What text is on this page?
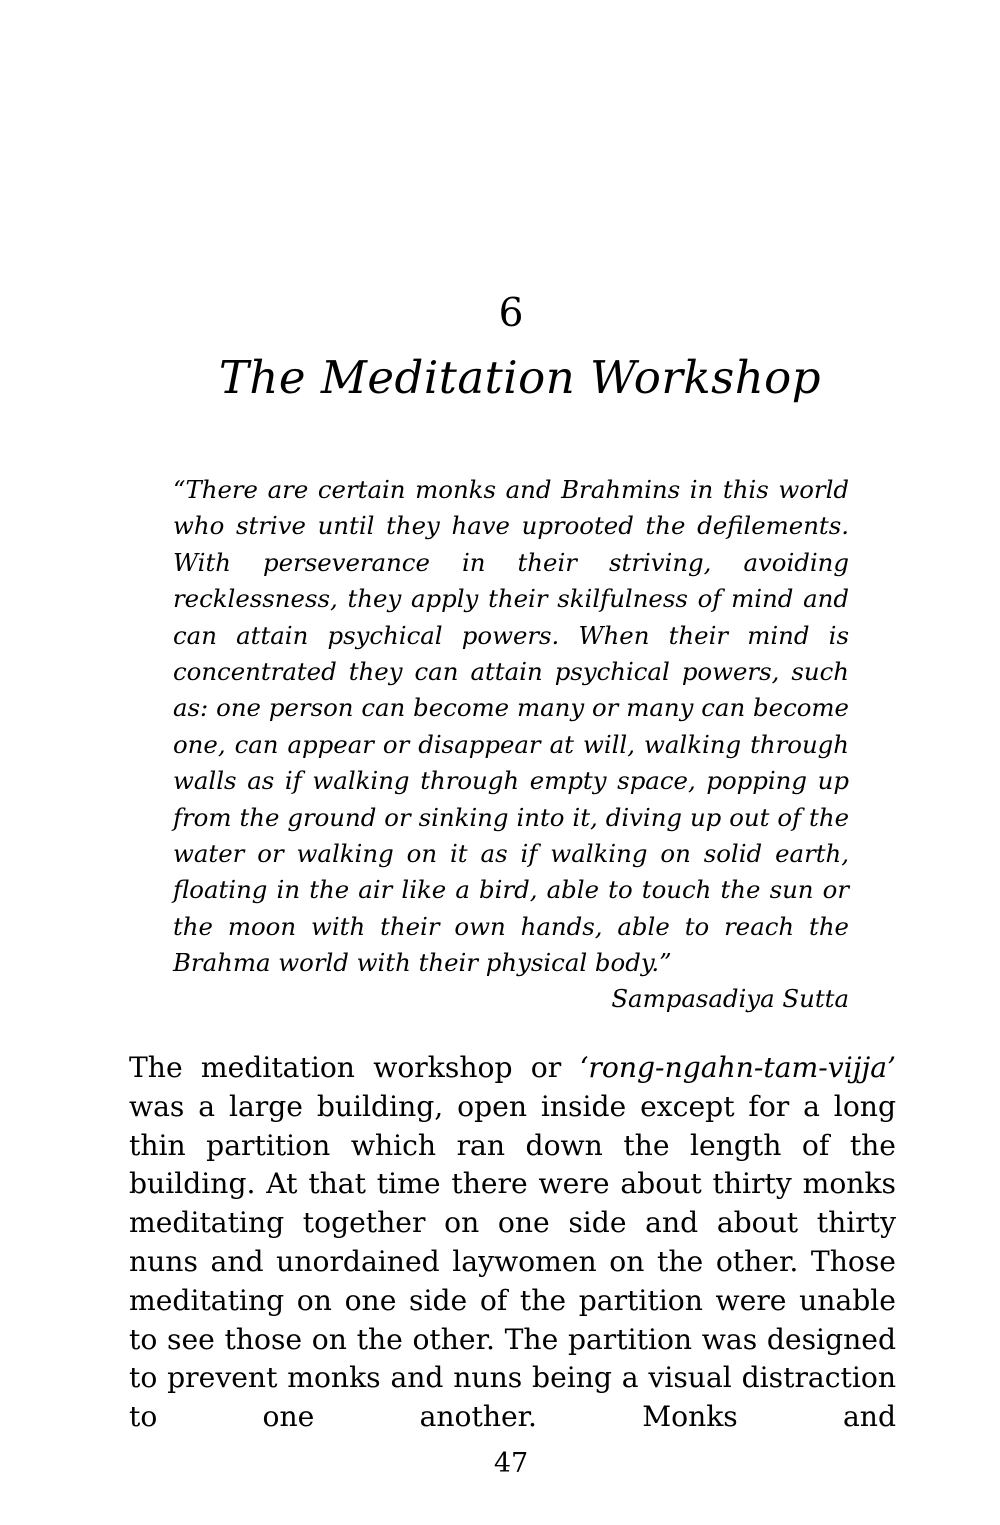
6
The Meditation Workshop

“There are certain monks and Brahmins in this world who strive until they have uprooted the defilements. With perseverance in their striving, avoiding recklessness, they apply their skilfulness of mind and can attain psychical powers. When their mind is concentrated they can attain psychical powers, such as: one person can become many or many can become one, can appear or disappear at will, walking through walls as if walking through empty space, popping up from the ground or sinking into it, diving up out of the water or walking on it as if walking on solid earth, floating in the air like a bird, able to touch the sun or the moon with their own hands, able to reach the Brahma world with their physical body.”

Sampasadiya Sutta

The meditation workshop or ‘rong-ngahn-tam-vijja’ was a large building, open inside except for a long thin partition which ran down the length of the building. At that time there were about thirty monks meditating together on one side and about thirty nuns and unordained laywomen on the other. Those meditating on one side of the partition were unable to see those on the other. The partition was designed to prevent monks and nuns being a visual distraction to one another. Monks and

47
